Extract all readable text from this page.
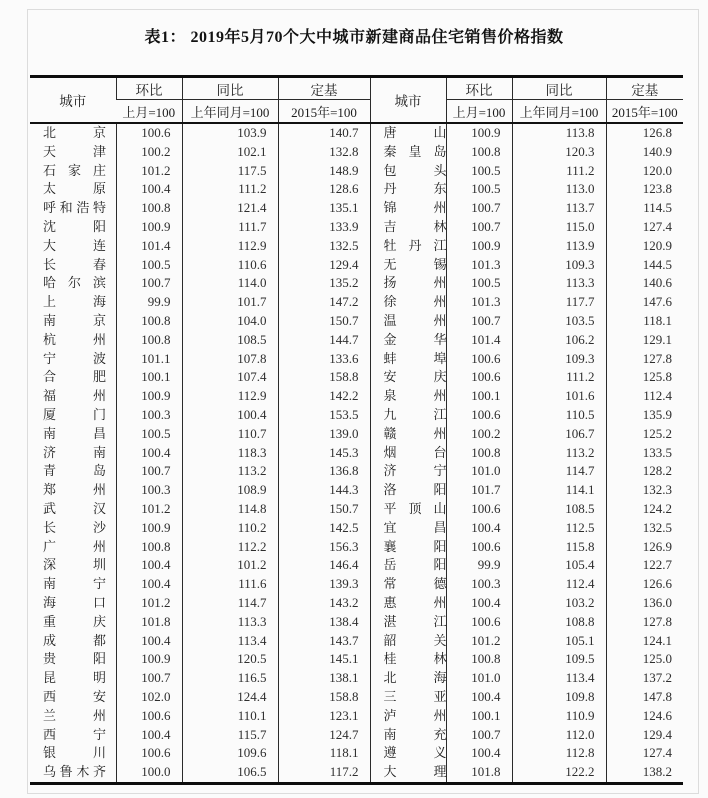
表1： 2019年5月70个大中城市新建商品住宅销售价格指数
城市	环比	同比	定基	城市	环比	同比	定基
	上月=100	上年同月=100	2015年=100		上月=100	上年同月=100	2015年=100
北京	100.6	103.9	140.7	唐山	100.9	113.8	126.8
天津	100.2	102.1	132.8	秦皇岛	100.8	120.3	140.9
石家庄	101.2	117.5	148.9	包头	100.5	111.2	120.0
太原	100.4	111.2	128.6	丹东	100.5	113.0	123.8
呼和浩特	100.8	121.4	135.1	锦州	100.7	113.7	114.5
沈阳	100.9	111.7	133.9	吉林	100.7	115.0	127.4
大连	101.4	112.9	132.5	牡丹江	100.9	113.9	120.9
长春	100.5	110.6	129.4	无锡	101.3	109.3	144.5
哈尔滨	100.7	114.0	135.2	扬州	100.5	113.3	140.6
上海	99.9	101.7	147.2	徐州	101.3	117.7	147.6
南京	100.8	104.0	150.7	温州	100.7	103.5	118.1
杭州	100.8	108.5	144.7	金华	101.4	106.2	129.1
宁波	101.1	107.8	133.6	蚌埠	100.6	109.3	127.8
合肥	100.1	107.4	158.8	安庆	100.6	111.2	125.8
福州	100.9	112.9	142.2	泉州	100.1	101.6	112.4
厦门	100.3	100.4	153.5	九江	100.6	110.5	135.9
南昌	100.5	110.7	139.0	赣州	100.2	106.7	125.2
济南	100.4	118.3	145.3	烟台	100.8	113.2	133.5
青岛	100.7	113.2	136.8	济宁	101.0	114.7	128.2
郑州	100.3	108.9	144.3	洛阳	101.7	114.1	132.3
武汉	101.2	114.8	150.7	平顶山	100.6	108.5	124.2
长沙	100.9	110.2	142.5	宜昌	100.4	112.5	132.5
广州	100.8	112.2	156.3	襄阳	100.6	115.8	126.9
深圳	100.4	101.2	146.4	岳阳	99.9	105.4	122.7
南宁	100.4	111.6	139.3	常德	100.3	112.4	126.6
海口	101.2	114.7	143.2	惠州	100.4	103.2	136.0
重庆	101.8	113.3	138.4	湛江	100.6	108.8	127.8
成都	100.4	113.4	143.7	韶关	101.2	105.1	124.1
贵阳	100.9	120.5	145.1	桂林	100.8	109.5	125.0
昆明	100.7	116.5	138.1	北海	101.0	113.4	137.2
西安	102.0	124.4	158.8	三亚	100.4	109.8	147.8
兰州	100.6	110.1	123.1	泸州	100.1	110.9	124.6
西宁	100.4	115.7	124.7	南充	100.7	112.0	129.4
银川	100.6	109.6	118.1	遵义	100.4	112.8	127.4
乌鲁木齐	100.0	106.5	117.2	大理	101.8	122.2	138.2
